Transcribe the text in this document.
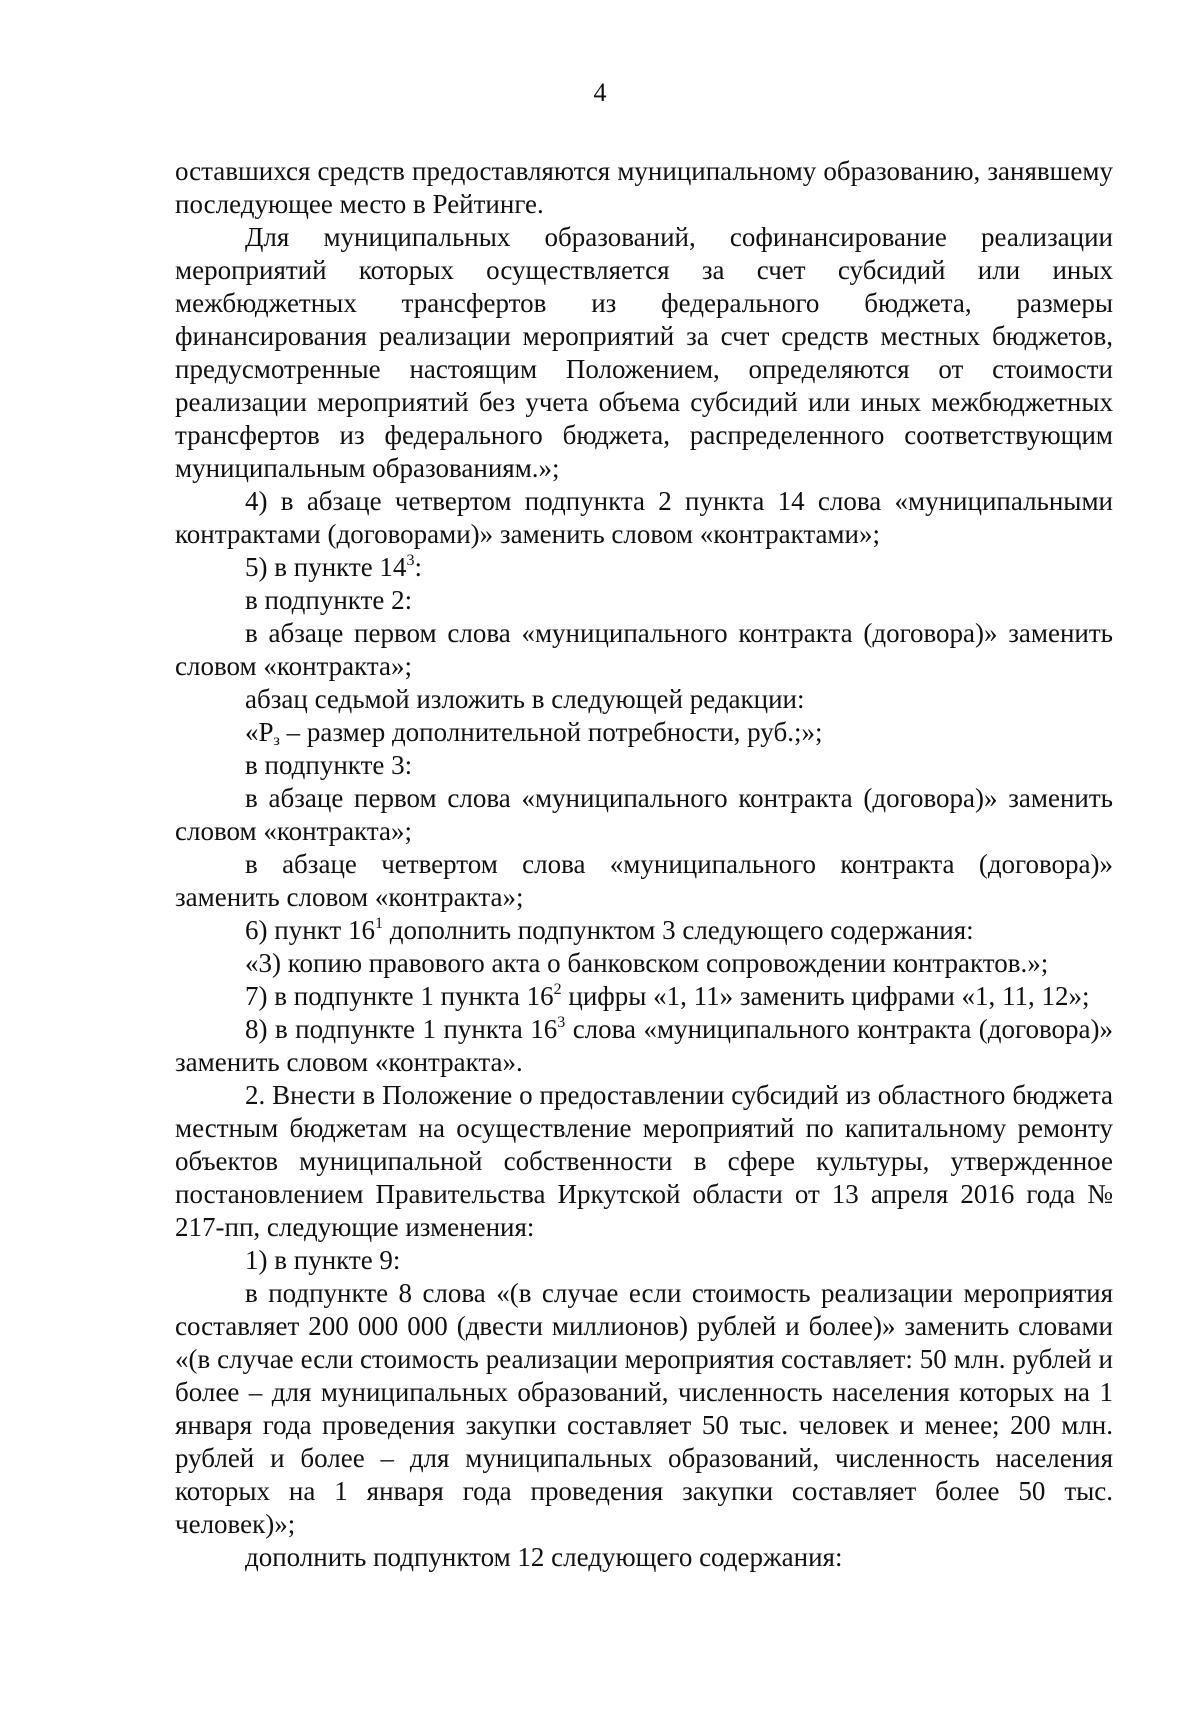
4

оставшихся средств предоставляются муниципальному образованию, занявшему последующее место в Рейтинге.

Для муниципальных образований, софинансирование реализации мероприятий которых осуществляется за счет субсидий или иных межбюджетных трансфертов из федерального бюджета, размеры финансирования реализации мероприятий за счет средств местных бюджетов, предусмотренные настоящим Положением, определяются от стоимости реализации мероприятий без учета объема субсидий или иных межбюджетных трансфертов из федерального бюджета, распределенного соответствующим муниципальным образованиям.»;

4) в абзаце четвертом подпункта 2 пункта 14 слова «муниципальными контрактами (договорами)» заменить словом «контрактами»;

5) в пункте $14^3$:

в подпункте 2:

в абзаце первом слова «муниципального контракта (договора)» заменить словом «контракта»;

абзац седьмой изложить в следующей редакции:

«$Р_з$ – размер дополнительной потребности, руб.;»;

в подпункте 3:

в абзаце первом слова «муниципального контракта (договора)» заменить словом «контракта»;

в абзаце четвертом слова «муниципального контракта (договора)» заменить словом «контракта»;

6) пункт $16^1$ дополнить подпунктом 3 следующего содержания:

«3) копию правового акта о банковском сопровождении контрактов.»;

7) в подпункте 1 пункта $16^2$ цифры «1, 11» заменить цифрами «1, 11, 12»;

8) в подпункте 1 пункта $16^3$ слова «муниципального контракта (договора)» заменить словом «контракта».

2. Внести в Положение о предоставлении субсидий из областного бюджета местным бюджетам на осуществление мероприятий по капитальному ремонту объектов муниципальной собственности в сфере культуры, утвержденное постановлением Правительства Иркутской области от 13 апреля 2016 года № 217-пп, следующие изменения:

1) в пункте 9:

в подпункте 8 слова «(в случае если стоимость реализации мероприятия составляет 200 000 000 (двести миллионов) рублей и более)» заменить словами «(в случае если стоимость реализации мероприятия составляет: 50 млн. рублей и более – для муниципальных образований, численность населения которых на 1 января года проведения закупки составляет 50 тыс. человек и менее; 200 млн. рублей и более – для муниципальных образований, численность населения которых на 1 января года проведения закупки составляет более 50 тыс. человек)»;

дополнить подпунктом 12 следующего содержания:
